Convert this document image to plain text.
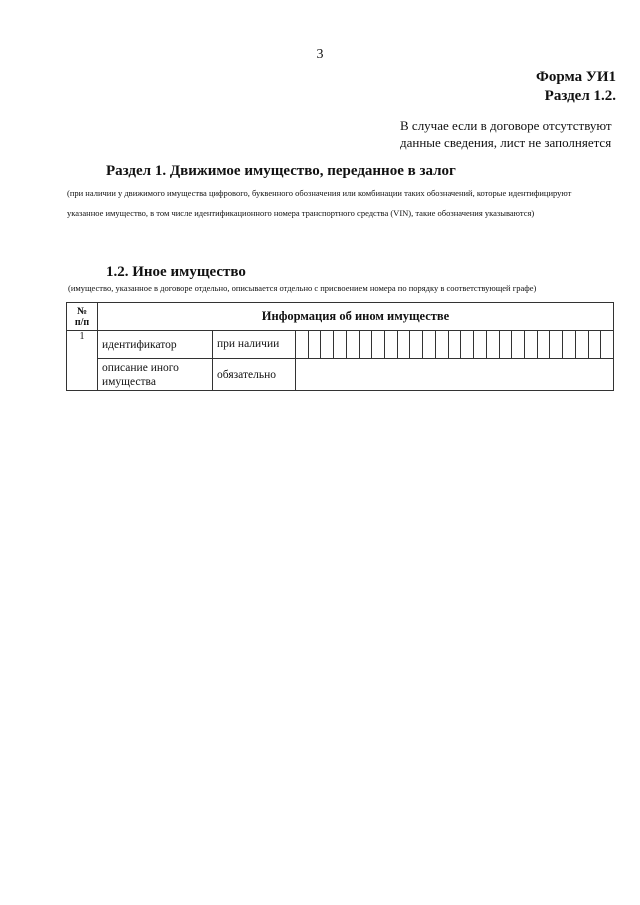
3
Форма УИ1
Раздел 1.2.
В случае если в договоре отсутствуют
данные сведения, лист не заполняется
Раздел 1. Движимое имущество, переданное в залог
(при наличии у движимого имущества цифрового, буквенного обозначения или комбинации таких обозначений, которые идентифицируют указанное имущество, в том числе идентификационного номера транспортного средства (VIN), такие обозначения указываются)
1.2. Иное имущество
(имущество, указанное в договоре отдельно, описывается отдельно с присвоением номера по порядку в соответствующей графе)
№
п/п	Информация об ином имуществе		
1	идентификатор	при наличии	

	описание иного имущества	обязательно	
